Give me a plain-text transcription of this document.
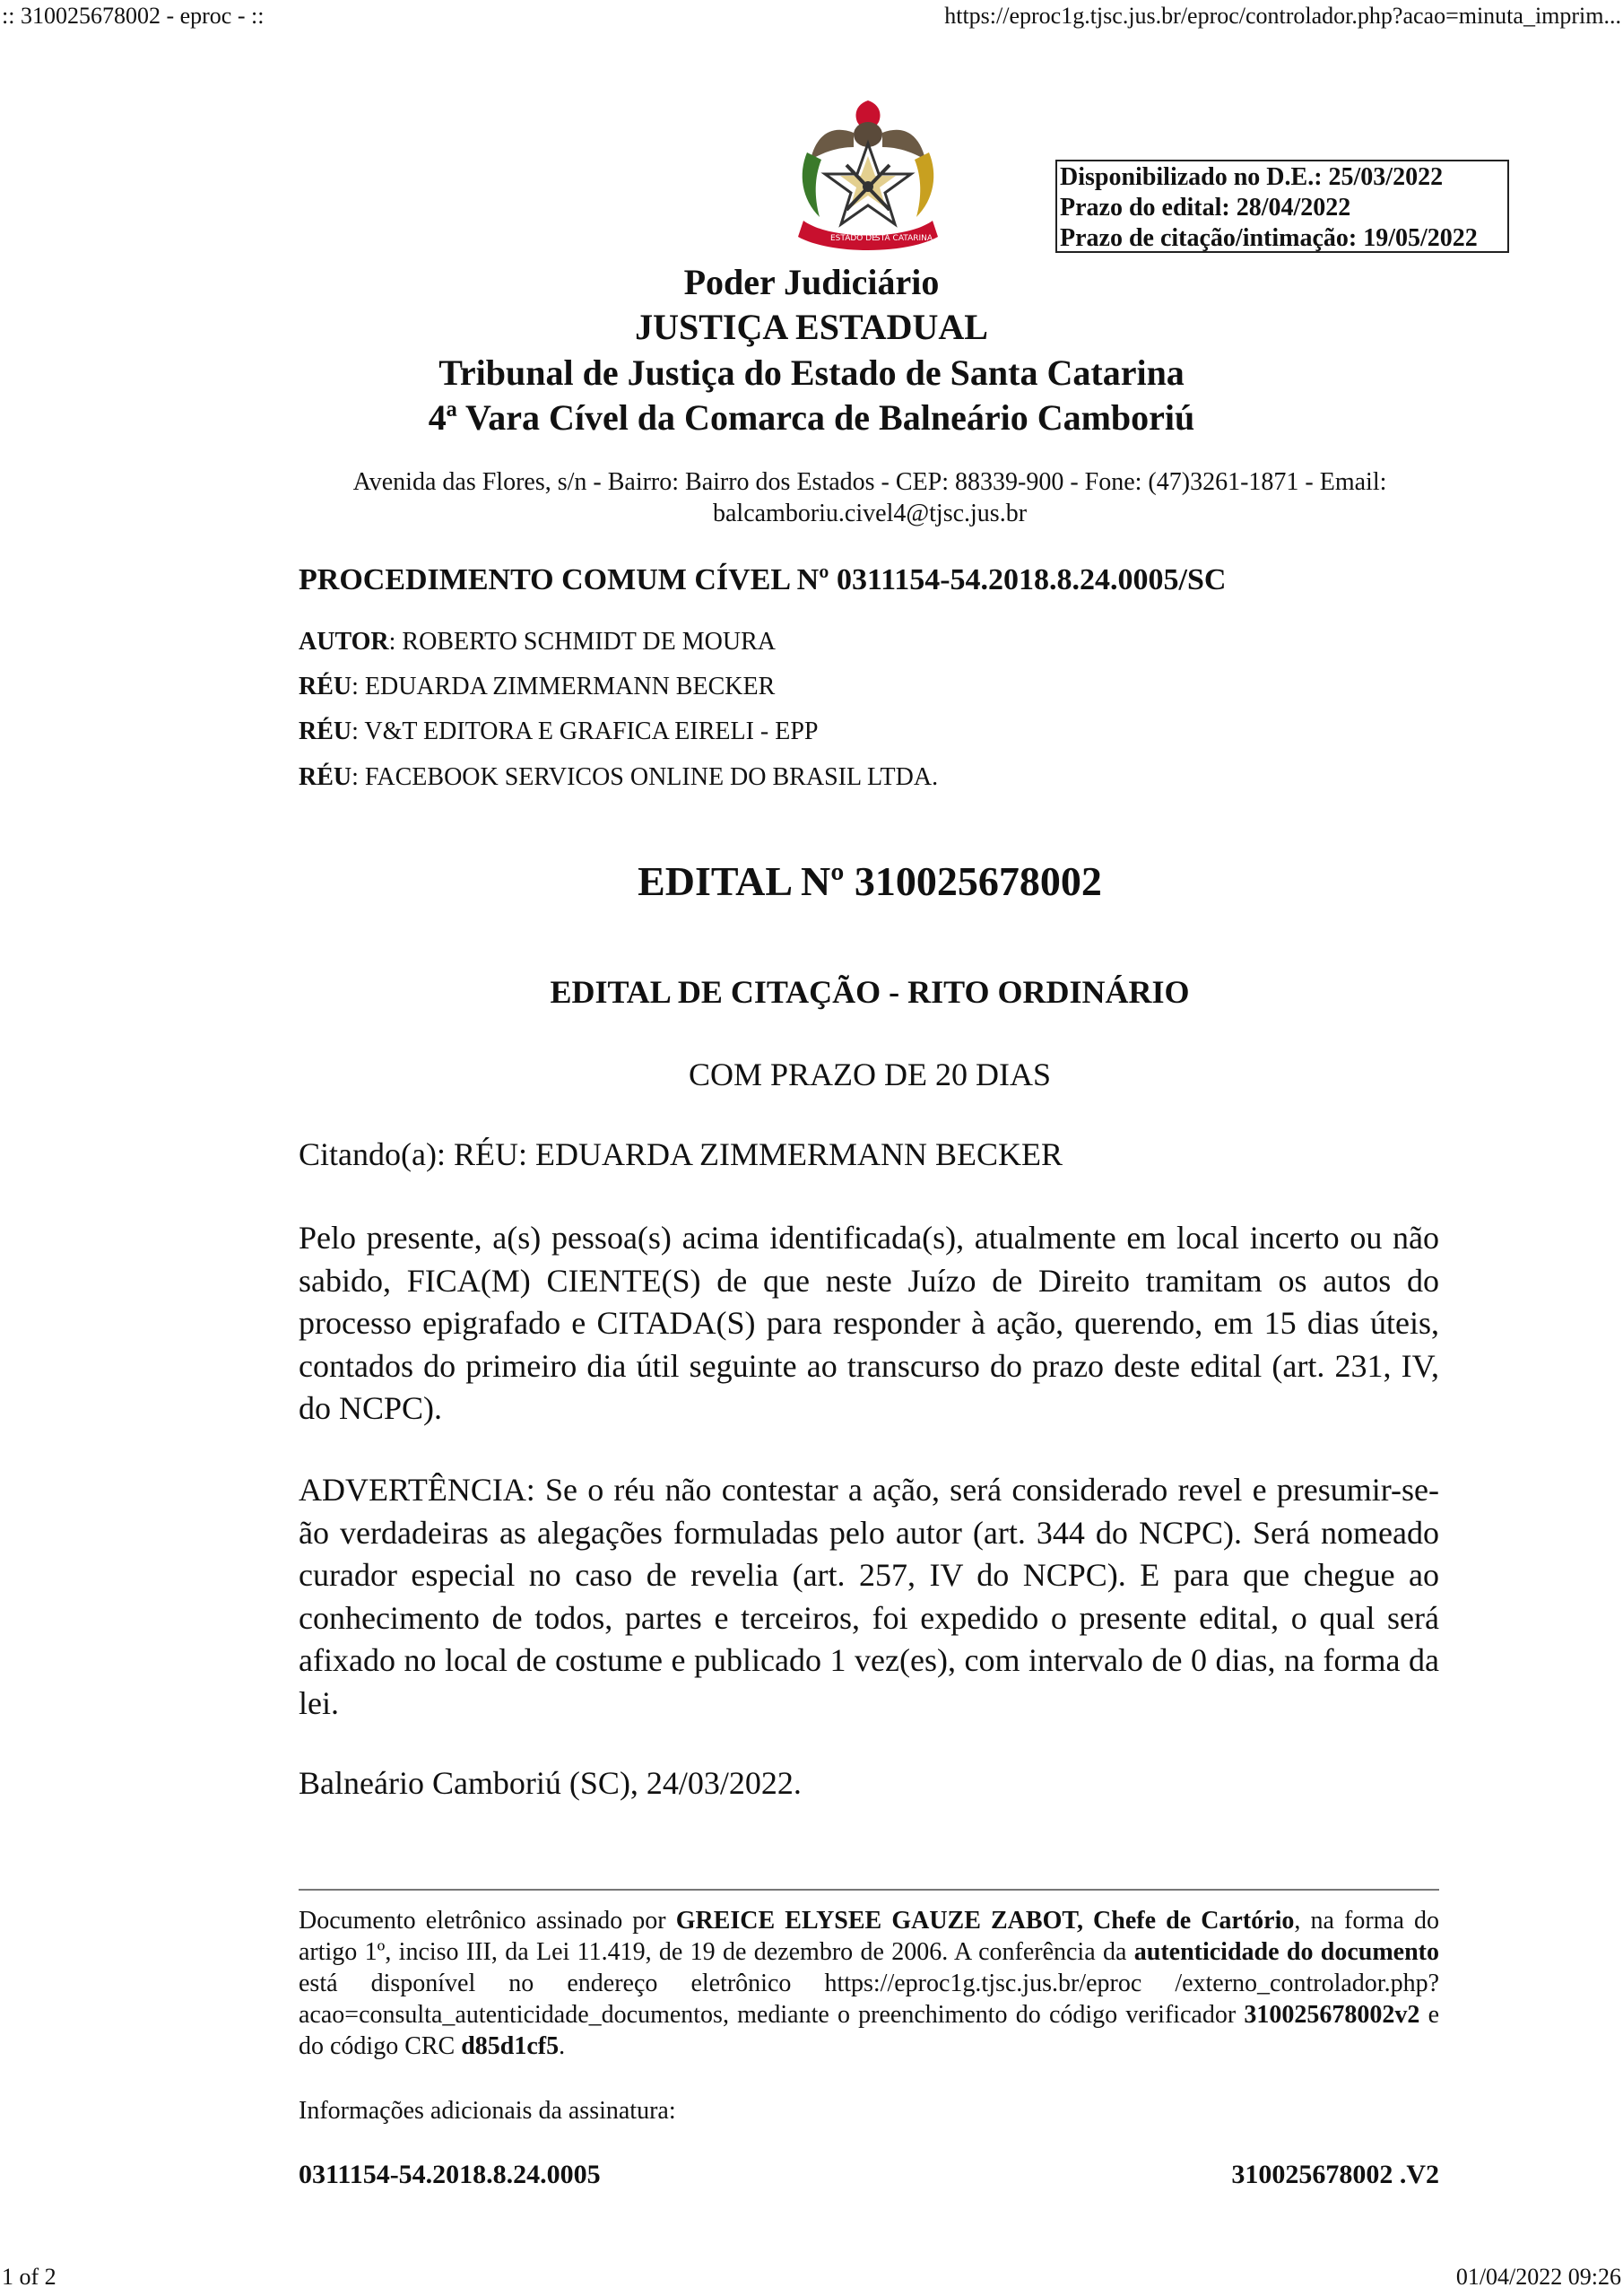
:: 310025678002 - eproc - ::	https://eproc1g.tjsc.jus.br/eproc/controlador.php?acao=minuta_imprim...
ESTADO DE
STA CATARINA
Disponibilizado no D.E.: 25/03/2022
Prazo do edital: 28/04/2022
Prazo de citação/intimação: 19/05/2022
Poder Judiciário
JUSTIÇA ESTADUAL
Tribunal de Justiça do Estado de Santa Catarina
4ª Vara Cível da Comarca de Balneário Camboriú
Avenida das Flores, s/n - Bairro: Bairro dos Estados - CEP: 88339-900 - Fone: (47)3261-1871 - Email: balcamboriu.civel4@tjsc.jus.br
PROCEDIMENTO COMUM CÍVEL Nº 0311154-54.2018.8.24.0005/SC
AUTOR: ROBERTO SCHMIDT DE MOURA
RÉU: EDUARDA ZIMMERMANN BECKER
RÉU: V&T EDITORA E GRAFICA EIRELI - EPP
RÉU: FACEBOOK SERVICOS ONLINE DO BRASIL LTDA.
EDITAL Nº 310025678002
EDITAL DE CITAÇÃO - RITO ORDINÁRIO
COM PRAZO DE 20 DIAS
Citando(a): RÉU: EDUARDA ZIMMERMANN BECKER
Pelo presente, a(s) pessoa(s) acima identificada(s), atualmente em local incerto ou não sabido, FICA(M) CIENTE(S) de que neste Juízo de Direito tramitam os autos do processo epigrafado e CITADA(S) para responder à ação, querendo, em 15 dias úteis, contados do primeiro dia útil seguinte ao transcurso do prazo deste edital (art. 231, IV, do NCPC).
ADVERTÊNCIA: Se o réu não contestar a ação, será considerado revel e presumir-se-ão verdadeiras as alegações formuladas pelo autor (art. 344 do NCPC). Será nomeado curador especial no caso de revelia (art. 257, IV do NCPC). E para que chegue ao conhecimento de todos, partes e terceiros, foi expedido o presente edital, o qual será afixado no local de costume e publicado 1 vez(es), com intervalo de 0 dias, na forma da lei.
Balneário Camboriú (SC), 24/03/2022.
Documento eletrônico assinado por GREICE ELYSEE GAUZE ZABOT, Chefe de Cartório, na forma do artigo 1º, inciso III, da Lei 11.419, de 19 de dezembro de 2006. A conferência da autenticidade do documento está disponível no endereço eletrônico https://eproc1g.tjsc.jus.br/eproc /externo_controlador.php?acao=consulta_autenticidade_documentos, mediante o preenchimento do código verificador 310025678002v2 e do código CRC d85d1cf5.
Informações adicionais da assinatura:
0311154-54.2018.8.24.0005	310025678002 .V2
1 of 2	01/04/2022 09:26
